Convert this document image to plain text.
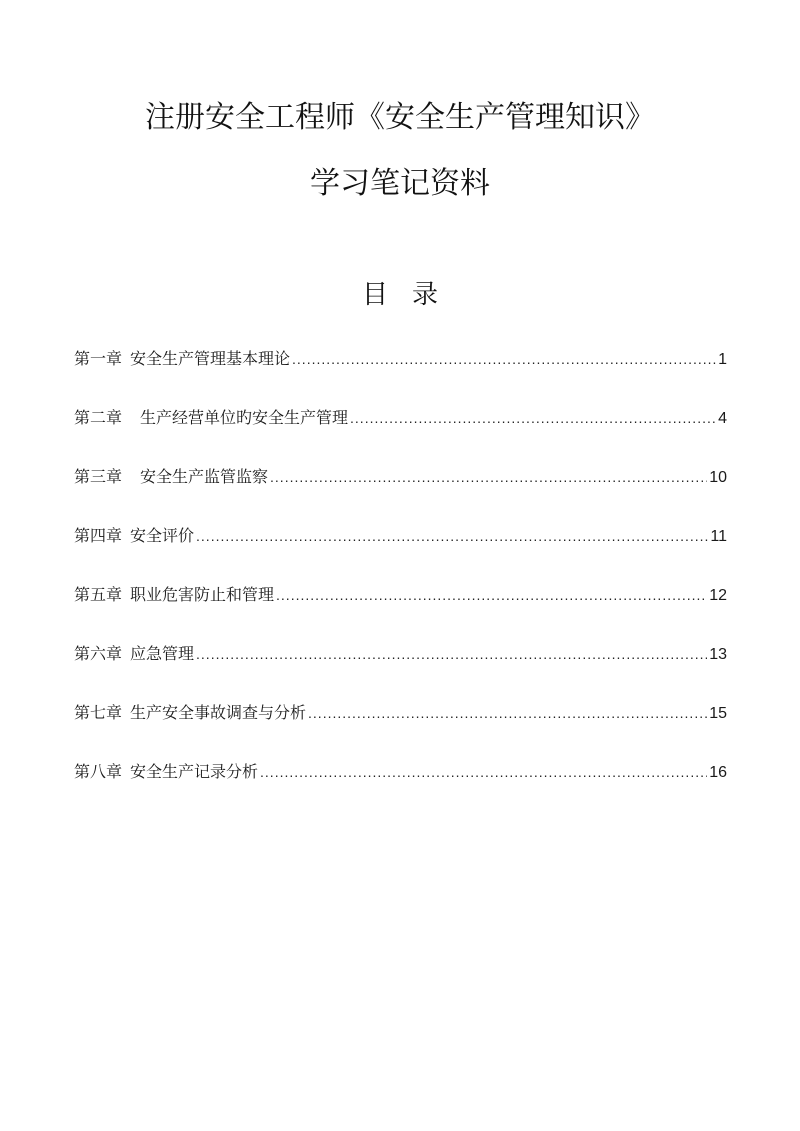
注册安全工程师《安全生产管理知识》
学习笔记资料
目录
第一章 安全生产管理基本理论 .....	1
第二章 生产经营单位旳安全生产管理 .....	4
第三章 安全生产监管监察 .....	10
第四章 安全评价 .....	11
第五章 职业危害防止和管理 .....	12
第六章 应急管理 .....	13
第七章 生产安全事故调查与分析 .....	15
第八章 安全生产记录分析 .....	16
